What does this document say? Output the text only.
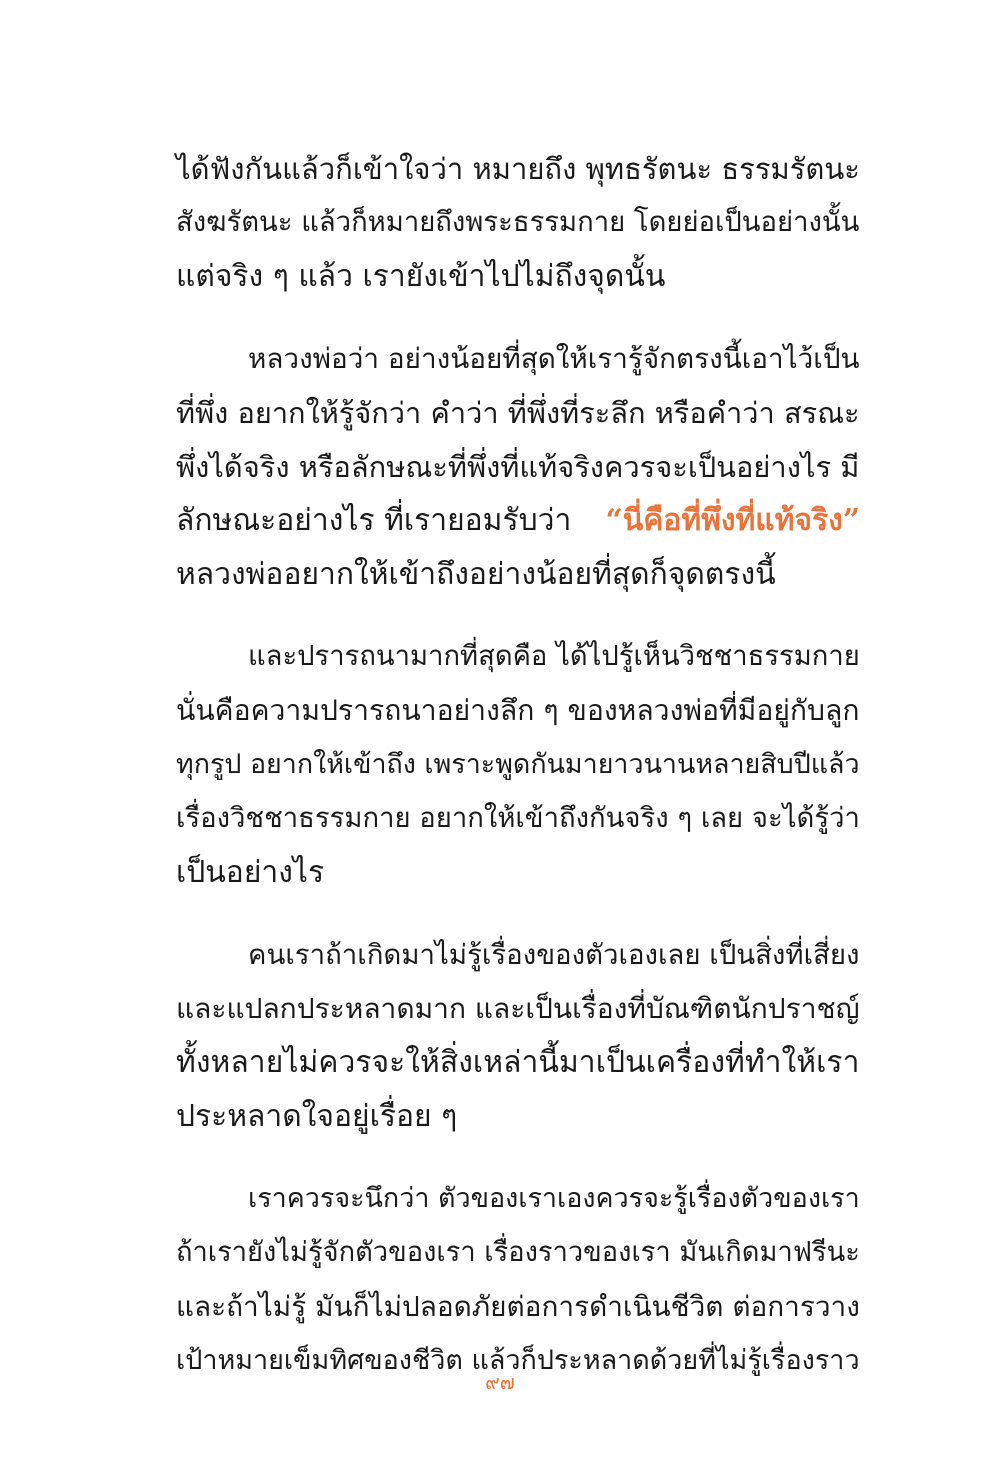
ได้ฟังกันแล้วก็เข้าใจว่า หมายถึง พุทธรัตนะ ธรรมรัตนะ
สังฆรัตนะ แล้วก็หมายถึงพระธรรมกาย โดยย่อเป็นอย่างนั้น
แต่จริง ๆ แล้ว เรายังเข้าไปไม่ถึงจุดนั้น
หลวงพ่อว่า อย่างน้อยที่สุดให้เรารู้จักตรงนี้เอาไว้เป็น
ที่พึ่ง อยากให้รู้จักว่า คำว่า ที่พึ่งที่ระลึก หรือคำว่า สรณะ
พึ่งได้จริง หรือลักษณะที่พึ่งที่แท้จริงควรจะเป็นอย่างไร มี
ลักษณะอย่างไร ที่เรายอมรับว่า “นี่คือที่พึ่งที่แท้จริง”
หลวงพ่ออยากให้เข้าถึงอย่างน้อยที่สุดก็จุดตรงนี้
และปรารถนามากที่สุดคือ ได้ไปรู้เห็นวิชชาธรรมกาย
นั่นคือความปรารถนาอย่างลึก ๆ ของหลวงพ่อที่มีอยู่กับลูก
ทุกรูป อยากให้เข้าถึง เพราะพูดกันมายาวนานหลายสิบปีแล้ว
เรื่องวิชชาธรรมกาย อยากให้เข้าถึงกันจริง ๆ เลย จะได้รู้ว่า
เป็นอย่างไร
คนเราถ้าเกิดมาไม่รู้เรื่องของตัวเองเลย เป็นสิ่งที่เสี่ยง
และแปลกประหลาดมาก และเป็นเรื่องที่บัณฑิตนักปราชญ์
ทั้งหลายไม่ควรจะให้สิ่งเหล่านี้มาเป็นเครื่องที่ทำให้เรา
ประหลาดใจอยู่เรื่อย ๆ
เราควรจะนึกว่า ตัวของเราเองควรจะรู้เรื่องตัวของเรา
ถ้าเรายังไม่รู้จักตัวของเรา เรื่องราวของเรา มันเกิดมาฟรีนะ
และถ้าไม่รู้ มันก็ไม่ปลอดภัยต่อการดำเนินชีวิต ต่อการวาง
เป้าหมายเข็มทิศของชีวิต แล้วก็ประหลาดด้วยที่ไม่รู้เรื่องราว
๙๗
